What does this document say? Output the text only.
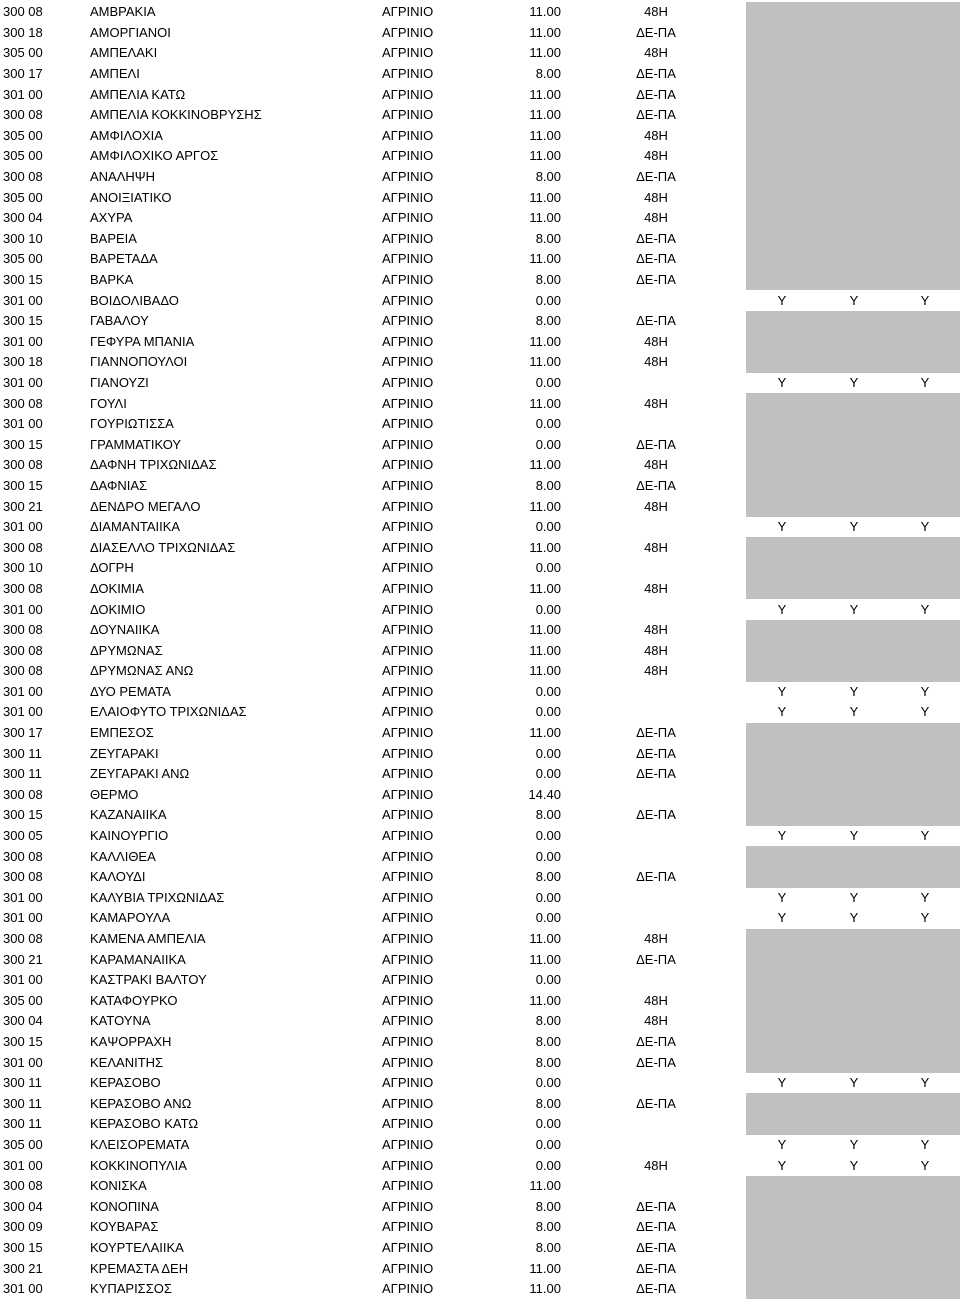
300 08	ΑΜΒΡΑΚΙΑ	ΑΓΡΙΝΙΟ	11.00	48Η			
300 18	ΑΜΟΡΓΙΑΝΟΙ	ΑΓΡΙΝΙΟ	11.00	ΔΕ-ΠΑ			
305 00	ΑΜΠΕΛΑΚΙ	ΑΓΡΙΝΙΟ	11.00	48Η			
300 17	ΑΜΠΕΛΙ	ΑΓΡΙΝΙΟ	8.00	ΔΕ-ΠΑ			
301 00	ΑΜΠΕΛΙΑ ΚΑΤΩ	ΑΓΡΙΝΙΟ	11.00	ΔΕ-ΠΑ			
300 08	ΑΜΠΕΛΙΑ ΚΟΚΚΙΝΟΒΡΥΣΗΣ	ΑΓΡΙΝΙΟ	11.00	ΔΕ-ΠΑ			
305 00	ΑΜΦΙΛΟΧΙΑ	ΑΓΡΙΝΙΟ	11.00	48Η			
305 00	ΑΜΦΙΛΟΧΙΚΟ ΑΡΓΟΣ	ΑΓΡΙΝΙΟ	11.00	48Η			
300 08	ΑΝΑΛΗΨΗ	ΑΓΡΙΝΙΟ	8.00	ΔΕ-ΠΑ			
305 00	ΑΝΟΙΞΙΑΤΙΚΟ	ΑΓΡΙΝΙΟ	11.00	48Η			
300 04	ΑΧΥΡΑ	ΑΓΡΙΝΙΟ	11.00	48Η			
300 10	ΒΑΡΕΙΑ	ΑΓΡΙΝΙΟ	8.00	ΔΕ-ΠΑ			
305 00	ΒΑΡΕΤΑΔΑ	ΑΓΡΙΝΙΟ	11.00	ΔΕ-ΠΑ			
300 15	ΒΑΡΚΑ	ΑΓΡΙΝΙΟ	8.00	ΔΕ-ΠΑ			
301 00	ΒΟΙΔΟΛΙΒΑΔΟ	ΑΓΡΙΝΙΟ	0.00		Y	Y	Y
300 15	ΓΑΒΑΛΟΥ	ΑΓΡΙΝΙΟ	8.00	ΔΕ-ΠΑ			
301 00	ΓΕΦΥΡΑ ΜΠΑΝΙΑ	ΑΓΡΙΝΙΟ	11.00	48Η			
300 18	ΓΙΑΝΝΟΠΟΥΛΟΙ	ΑΓΡΙΝΙΟ	11.00	48Η			
301 00	ΓΙΑΝΟΥΖΙ	ΑΓΡΙΝΙΟ	0.00		Y	Y	Y
300 08	ΓΟΥΛΙ	ΑΓΡΙΝΙΟ	11.00	48Η			
301 00	ΓΟΥΡΙΩΤΙΣΣΑ	ΑΓΡΙΝΙΟ	0.00				
300 15	ΓΡΑΜΜΑΤΙΚΟΥ	ΑΓΡΙΝΙΟ	0.00	ΔΕ-ΠΑ			
300 08	ΔΑΦΝΗ ΤΡΙΧΩΝΙΔΑΣ	ΑΓΡΙΝΙΟ	11.00	48Η			
300 15	ΔΑΦΝΙΑΣ	ΑΓΡΙΝΙΟ	8.00	ΔΕ-ΠΑ			
300 21	ΔΕΝΔΡΟ ΜΕΓΑΛΟ	ΑΓΡΙΝΙΟ	11.00	48Η			
301 00	ΔΙΑΜΑΝΤΑΙΙΚΑ	ΑΓΡΙΝΙΟ	0.00		Y	Y	Y
300 08	ΔΙΑΣΕΛΛΟ ΤΡΙΧΩΝΙΔΑΣ	ΑΓΡΙΝΙΟ	11.00	48Η			
300 10	ΔΟΓΡΗ	ΑΓΡΙΝΙΟ	0.00				
300 08	ΔΟΚΙΜΙΑ	ΑΓΡΙΝΙΟ	11.00	48Η			
301 00	ΔΟΚΙΜΙΟ	ΑΓΡΙΝΙΟ	0.00		Y	Y	Y
300 08	ΔΟΥΝΑΙΙΚΑ	ΑΓΡΙΝΙΟ	11.00	48Η			
300 08	ΔΡΥΜΩΝΑΣ	ΑΓΡΙΝΙΟ	11.00	48Η			
300 08	ΔΡΥΜΩΝΑΣ ΑΝΩ	ΑΓΡΙΝΙΟ	11.00	48Η			
301 00	ΔΥΟ ΡΕΜΑΤΑ	ΑΓΡΙΝΙΟ	0.00		Y	Y	Y
301 00	ΕΛΑΙΟΦΥΤΟ ΤΡΙΧΩΝΙΔΑΣ	ΑΓΡΙΝΙΟ	0.00		Y	Y	Y
300 17	ΕΜΠΕΣΟΣ	ΑΓΡΙΝΙΟ	11.00	ΔΕ-ΠΑ			
300 11	ΖΕΥΓΑΡΑΚΙ	ΑΓΡΙΝΙΟ	0.00	ΔΕ-ΠΑ			
300 11	ΖΕΥΓΑΡΑΚΙ ΑΝΩ	ΑΓΡΙΝΙΟ	0.00	ΔΕ-ΠΑ			
300 08	ΘΕΡΜΟ	ΑΓΡΙΝΙΟ	14.40				
300 15	ΚΑΖΑΝΑΙΙΚΑ	ΑΓΡΙΝΙΟ	8.00	ΔΕ-ΠΑ			
300 05	ΚΑΙΝΟΥΡΓΙΟ	ΑΓΡΙΝΙΟ	0.00		Y	Y	Y
300 08	ΚΑΛΛΙΘΕΑ	ΑΓΡΙΝΙΟ	0.00				
300 08	ΚΑΛΟΥΔΙ	ΑΓΡΙΝΙΟ	8.00	ΔΕ-ΠΑ			
301 00	ΚΑΛΥΒΙΑ ΤΡΙΧΩΝΙΔΑΣ	ΑΓΡΙΝΙΟ	0.00		Y	Y	Y
301 00	ΚΑΜΑΡΟΥΛΑ	ΑΓΡΙΝΙΟ	0.00		Y	Y	Y
300 08	ΚΑΜΕΝΑ ΑΜΠΕΛΙΑ	ΑΓΡΙΝΙΟ	11.00	48Η			
300 21	ΚΑΡΑΜΑΝΑΙΙΚΑ	ΑΓΡΙΝΙΟ	11.00	ΔΕ-ΠΑ			
301 00	ΚΑΣΤΡΑΚΙ ΒΑΛΤΟΥ	ΑΓΡΙΝΙΟ	0.00				
305 00	ΚΑΤΑΦΟΥΡΚΟ	ΑΓΡΙΝΙΟ	11.00	48Η			
300 04	ΚΑΤΟΥΝΑ	ΑΓΡΙΝΙΟ	8.00	48Η			
300 15	ΚΑΨΟΡΡΑΧΗ	ΑΓΡΙΝΙΟ	8.00	ΔΕ-ΠΑ			
301 00	ΚΕΛΑΝΙΤΗΣ	ΑΓΡΙΝΙΟ	8.00	ΔΕ-ΠΑ			
300 11	ΚΕΡΑΣΟΒΟ	ΑΓΡΙΝΙΟ	0.00		Y	Y	Y
300 11	ΚΕΡΑΣΟΒΟ ΑΝΩ	ΑΓΡΙΝΙΟ	8.00	ΔΕ-ΠΑ			
300 11	ΚΕΡΑΣΟΒΟ ΚΑΤΩ	ΑΓΡΙΝΙΟ	0.00				
305 00	ΚΛΕΙΣΟΡΕΜΑΤΑ	ΑΓΡΙΝΙΟ	0.00		Y	Y	Y
301 00	ΚΟΚΚΙΝΟΠΥΛΙΑ	ΑΓΡΙΝΙΟ	0.00	48Η	Y	Y	Y
300 08	ΚΟΝΙΣΚΑ	ΑΓΡΙΝΙΟ	11.00				
300 04	ΚΟΝΟΠΙΝΑ	ΑΓΡΙΝΙΟ	8.00	ΔΕ-ΠΑ			
300 09	ΚΟΥΒΑΡΑΣ	ΑΓΡΙΝΙΟ	8.00	ΔΕ-ΠΑ			
300 15	ΚΟΥΡΤΕΛΑΙΙΚΑ	ΑΓΡΙΝΙΟ	8.00	ΔΕ-ΠΑ			
300 21	ΚΡΕΜΑΣΤΑ ΔΕΗ	ΑΓΡΙΝΙΟ	11.00	ΔΕ-ΠΑ			
301 00	ΚΥΠΑΡΙΣΣΟΣ	ΑΓΡΙΝΙΟ	11.00	ΔΕ-ΠΑ			
